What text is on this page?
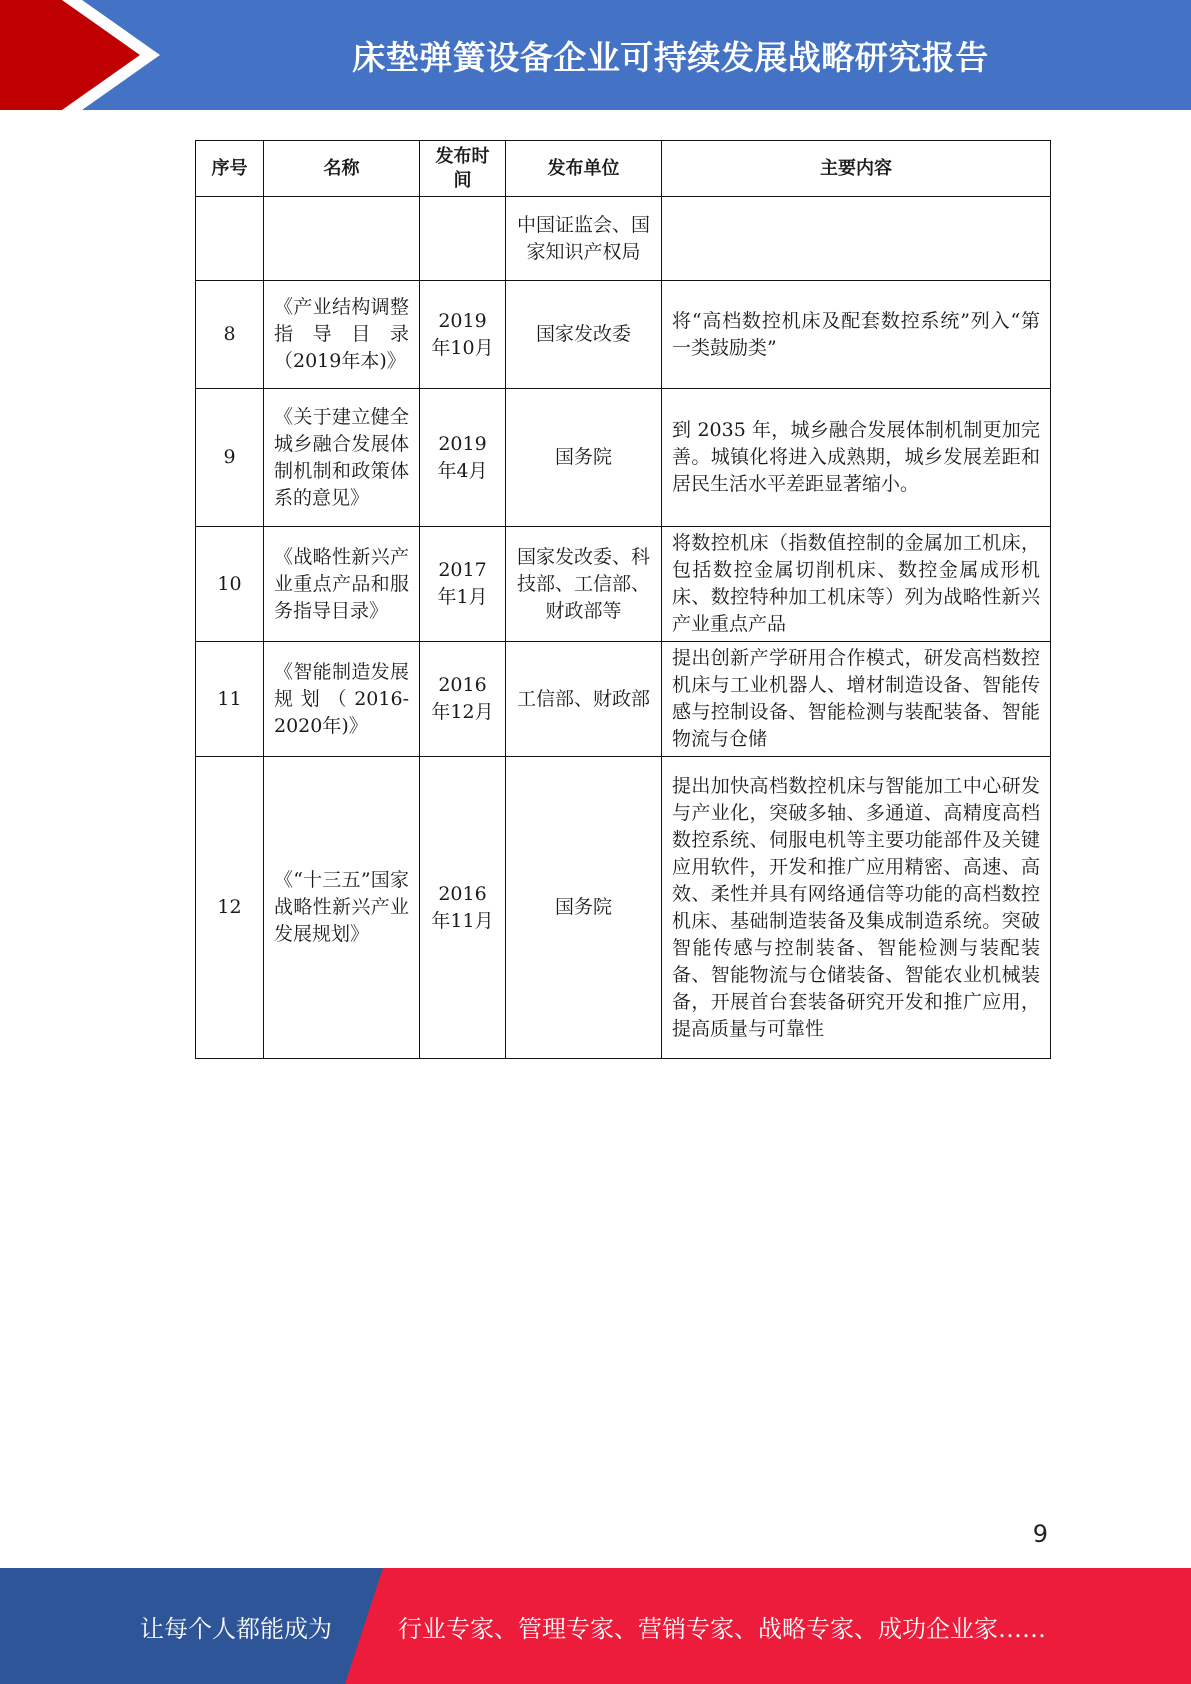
床垫弹簧设备企业可持续发展战略研究报告
序号	名称	发布时间	发布单位	主要内容
			中国证监会、国家知识产权局	
8	《产业结构调整指导目录（2019年本)》	2019年10月	国家发改委	将“高档数控机床及配套数控系统”列入“第一类鼓励类”
9	《关于建立健全城乡融合发展体制机制和政策体系的意见》	2019年4月	国务院	到 2035 年，城乡融合发展体制机制更加完善。城镇化将进入成熟期，城乡发展差距和居民生活水平差距显著缩小。
10	《战略性新兴产业重点产品和服务指导目录》	2017年1月	国家发改委、科技部、工信部、财政部等	将数控机床（指数值控制的金属加工机床，包括数控金属切削机床、数控金属成形机床、数控特种加工机床等）列为战略性新兴产业重点产品
11	《智能制造发展规划（2016-2020年)》	2016年12月	工信部、财政部	提出创新产学研用合作模式，研发高档数控机床与工业机器人、增材制造设备、智能传感与控制设备、智能检测与装配装备、智能物流与仓储
12	《“十三五”国家战略性新兴产业发展规划》	2016年11月	国务院	提出加快高档数控机床与智能加工中心研发与产业化，突破多轴、多通道、高精度高档数控系统、伺服电机等主要功能部件及关键应用软件，开发和推广应用精密、高速、高效、柔性并具有网络通信等功能的高档数控机床、基础制造装备及集成制造系统。突破智能传感与控制装备、智能检测与装配装备、智能物流与仓储装备、智能农业机械装备，开展首台套装备研究开发和推广应用，提高质量与可靠性
9
让每个人都能成为	行业专家、管理专家、营销专家、战略专家、成功企业家……
